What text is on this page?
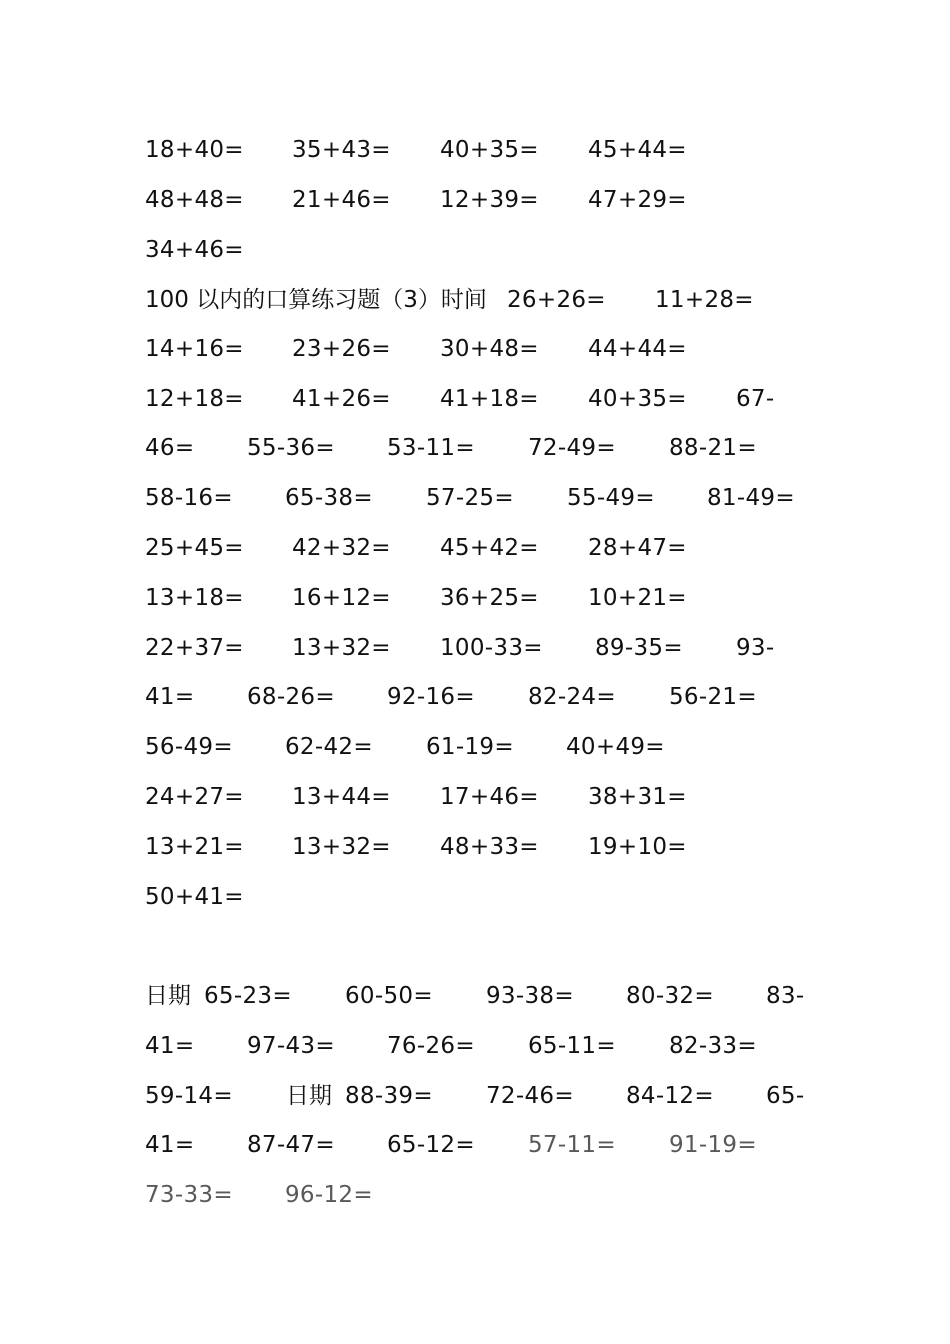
18+40= 35+43= 40+35= 45+44=
48+48= 21+46= 12+39= 47+29=
34+46=
100 以内的口算练习题（3）时间 26+26= 11+28=
14+16= 23+26= 30+48= 44+44=
12+18= 41+26= 41+18= 40+35= 67-
46= 55-36= 53-11= 72-49= 88-21=
58-16= 65-38= 57-25= 55-49= 81-49=
25+45= 42+32= 45+42= 28+47=
13+18= 16+12= 36+25= 10+21=
22+37= 13+32= 100-33= 89-35= 93-
41= 68-26= 92-16= 82-24= 56-21=
56-49= 62-42= 61-19= 40+49=
24+27= 13+44= 17+46= 38+31=
13+21= 13+32= 48+33= 19+10=
50+41=
日期 65-23= 60-50= 93-38= 80-32= 83-
41= 97-43= 76-26= 65-11= 82-33=
59-14= 日期 88-39= 72-46= 84-12= 65-
41= 87-47= 65-12= 57-11= 91-19=
73-33= 96-12=
